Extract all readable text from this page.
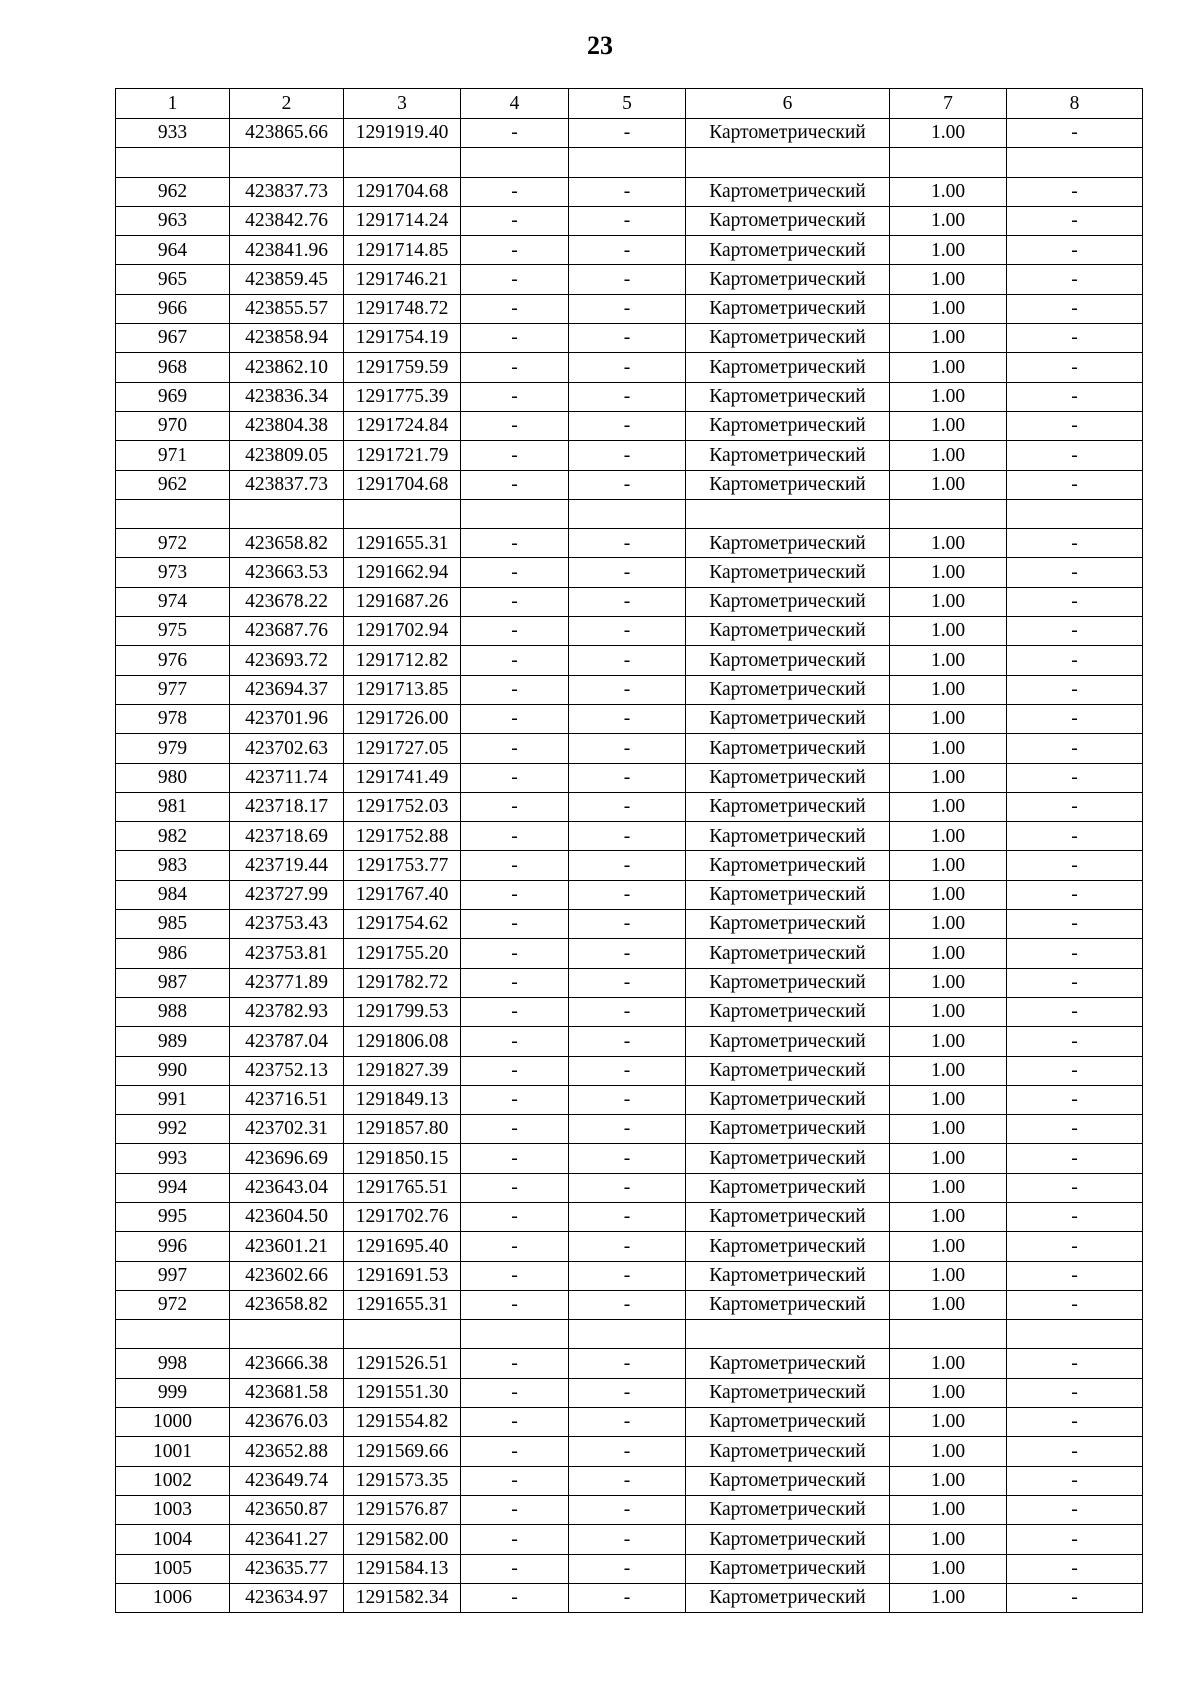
23
1	2	3	4	5	6	7	8
933	423865.66	1291919.40	-	-	Картометрический	1.00	-

962	423837.73	1291704.68	-	-	Картометрический	1.00	-
963	423842.76	1291714.24	-	-	Картометрический	1.00	-
964	423841.96	1291714.85	-	-	Картометрический	1.00	-
965	423859.45	1291746.21	-	-	Картометрический	1.00	-
966	423855.57	1291748.72	-	-	Картометрический	1.00	-
967	423858.94	1291754.19	-	-	Картометрический	1.00	-
968	423862.10	1291759.59	-	-	Картометрический	1.00	-
969	423836.34	1291775.39	-	-	Картометрический	1.00	-
970	423804.38	1291724.84	-	-	Картометрический	1.00	-
971	423809.05	1291721.79	-	-	Картометрический	1.00	-
962	423837.73	1291704.68	-	-	Картометрический	1.00	-

972	423658.82	1291655.31	-	-	Картометрический	1.00	-
973	423663.53	1291662.94	-	-	Картометрический	1.00	-
974	423678.22	1291687.26	-	-	Картометрический	1.00	-
975	423687.76	1291702.94	-	-	Картометрический	1.00	-
976	423693.72	1291712.82	-	-	Картометрический	1.00	-
977	423694.37	1291713.85	-	-	Картометрический	1.00	-
978	423701.96	1291726.00	-	-	Картометрический	1.00	-
979	423702.63	1291727.05	-	-	Картометрический	1.00	-
980	423711.74	1291741.49	-	-	Картометрический	1.00	-
981	423718.17	1291752.03	-	-	Картометрический	1.00	-
982	423718.69	1291752.88	-	-	Картометрический	1.00	-
983	423719.44	1291753.77	-	-	Картометрический	1.00	-
984	423727.99	1291767.40	-	-	Картометрический	1.00	-
985	423753.43	1291754.62	-	-	Картометрический	1.00	-
986	423753.81	1291755.20	-	-	Картометрический	1.00	-
987	423771.89	1291782.72	-	-	Картометрический	1.00	-
988	423782.93	1291799.53	-	-	Картометрический	1.00	-
989	423787.04	1291806.08	-	-	Картометрический	1.00	-
990	423752.13	1291827.39	-	-	Картометрический	1.00	-
991	423716.51	1291849.13	-	-	Картометрический	1.00	-
992	423702.31	1291857.80	-	-	Картометрический	1.00	-
993	423696.69	1291850.15	-	-	Картометрический	1.00	-
994	423643.04	1291765.51	-	-	Картометрический	1.00	-
995	423604.50	1291702.76	-	-	Картометрический	1.00	-
996	423601.21	1291695.40	-	-	Картометрический	1.00	-
997	423602.66	1291691.53	-	-	Картометрический	1.00	-
972	423658.82	1291655.31	-	-	Картометрический	1.00	-

998	423666.38	1291526.51	-	-	Картометрический	1.00	-
999	423681.58	1291551.30	-	-	Картометрический	1.00	-
1000	423676.03	1291554.82	-	-	Картометрический	1.00	-
1001	423652.88	1291569.66	-	-	Картометрический	1.00	-
1002	423649.74	1291573.35	-	-	Картометрический	1.00	-
1003	423650.87	1291576.87	-	-	Картометрический	1.00	-
1004	423641.27	1291582.00	-	-	Картометрический	1.00	-
1005	423635.77	1291584.13	-	-	Картометрический	1.00	-
1006	423634.97	1291582.34	-	-	Картометрический	1.00	-
